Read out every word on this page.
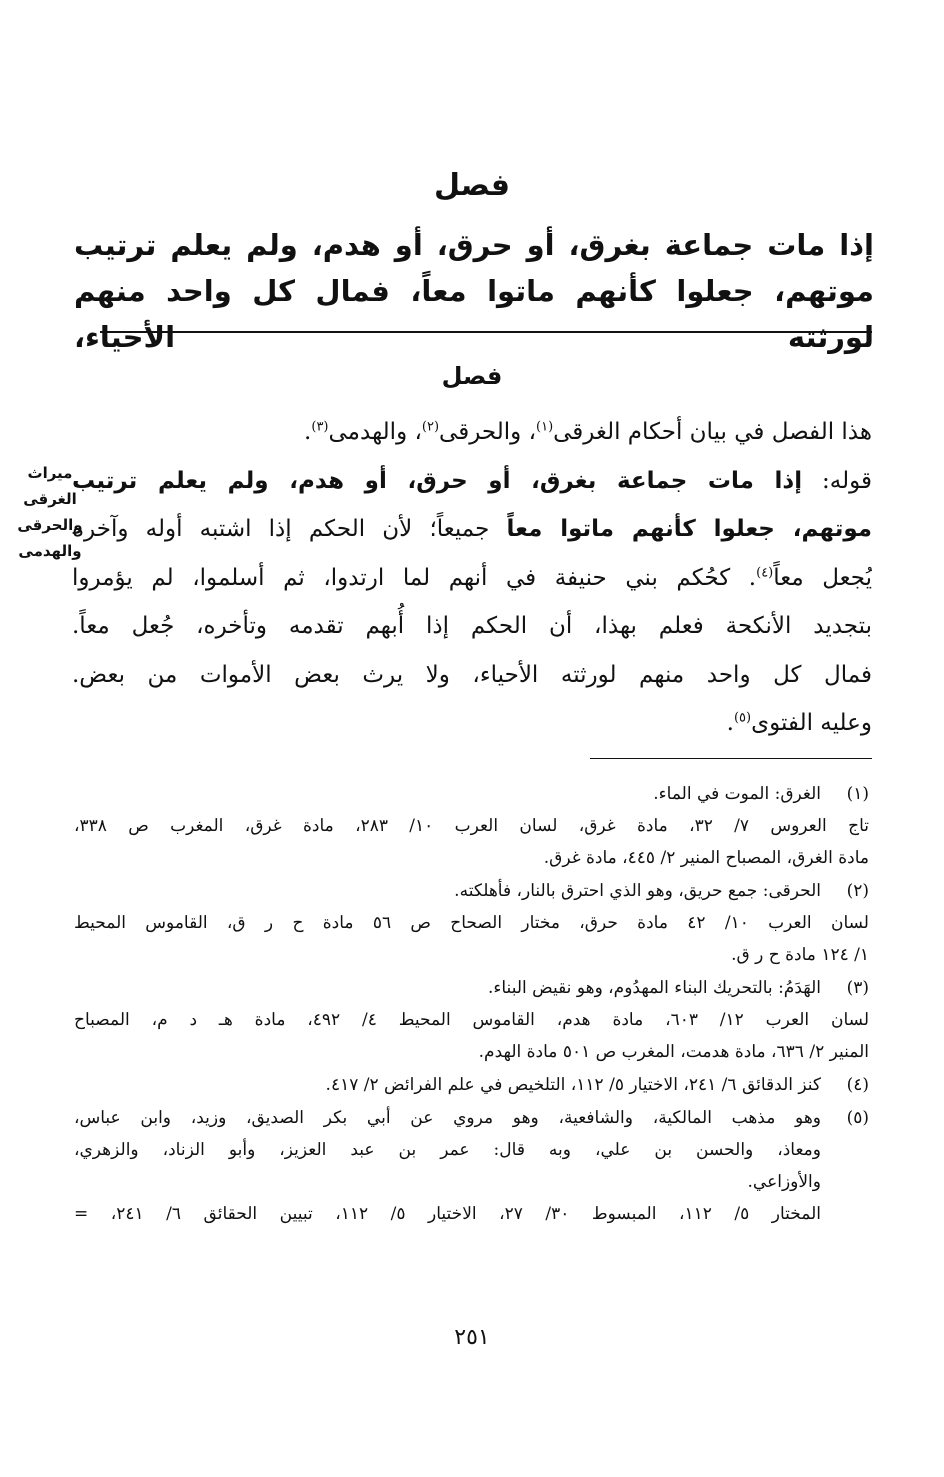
فصل
إذا مات جماعة بغرق، أو حرق، أو هدم، ولم يعلم ترتيب
موتهم، جعلوا كأنهم ماتوا معاً، فمال كل واحد منهم لورثته الأحياء،
فصل
هذا الفصل في بيان أحكام الغرقى$^{(١)}$، والحرقى$^{(٢)}$، والهدمى$^{(٣)}$.
قوله: إذا مات جماعة بغرق، أو حرق، أو هدم، ولم يعلم ترتيب
موتهم، جعلوا كأنهم ماتوا معاً جميعاً؛ لأن الحكم إذا اشتبه أوله وآخره
يُجعل معاً$^{(٤)}$. كحُكم بني حنيفة في أنهم لما ارتدوا، ثم أسلموا، لم يؤمروا
بتجديد الأنكحة فعلم بهذا، أن الحكم إذا أُبهم تقدمه وتأخره، جُعل معاً.
فمال كل واحد منهم لورثته الأحياء، ولا يرث بعض الأموات من بعض.
وعليه الفتوى$^{(٥)}$.
ميراث
الغرقى
والحرقى
والهدمى
(١)
الغرق: الموت في الماء.
تاج العروس ٧/ ٣٢، مادة غرق، لسان العرب ١٠/ ٢٨٣، مادة غرق، المغرب ص ٣٣٨،
مادة الغرق، المصباح المنير ٢/ ٤٤٥، مادة غرق.
(٢)
الحرقى: جمع حريق، وهو الذي احترق بالنار، فأهلكته.
لسان العرب ١٠/ ٤٢ مادة حرق، مختار الصحاح ص ٥٦ مادة ح ر ق، القاموس المحيط
١/ ١٢٤ مادة ح ر ق.
(٣)
الهَدَمُ: بالتحريك البناء المهدُوم، وهو نقيض البناء.
لسان العرب ١٢/ ٦٠٣، مادة هدم، القاموس المحيط ٤/ ٤٩٢، مادة هـ د م، المصباح
المنير ٢/ ٦٣٦، مادة هدمت، المغرب ص ٥٠١ مادة الهدم.
(٤)
كنز الدقائق ٦/ ٢٤١، الاختيار ٥/ ١١٢، التلخيص في علم الفرائض ٢/ ٤١٧.
(٥)
وهو مذهب المالكية، والشافعية، وهو مروي عن أبي بكر الصديق، وزيد، وابن عباس،
ومعاذ، والحسن بن علي، وبه قال: عمر بن عبد العزيز، وأبو الزناد، والزهري،
والأوزاعي.
المختار ٥/ ١١٢، المبسوط ٣٠/ ٢٧، الاختيار ٥/ ١١٢، تبيين الحقائق ٦/ ٢٤١، =
٢٥١
